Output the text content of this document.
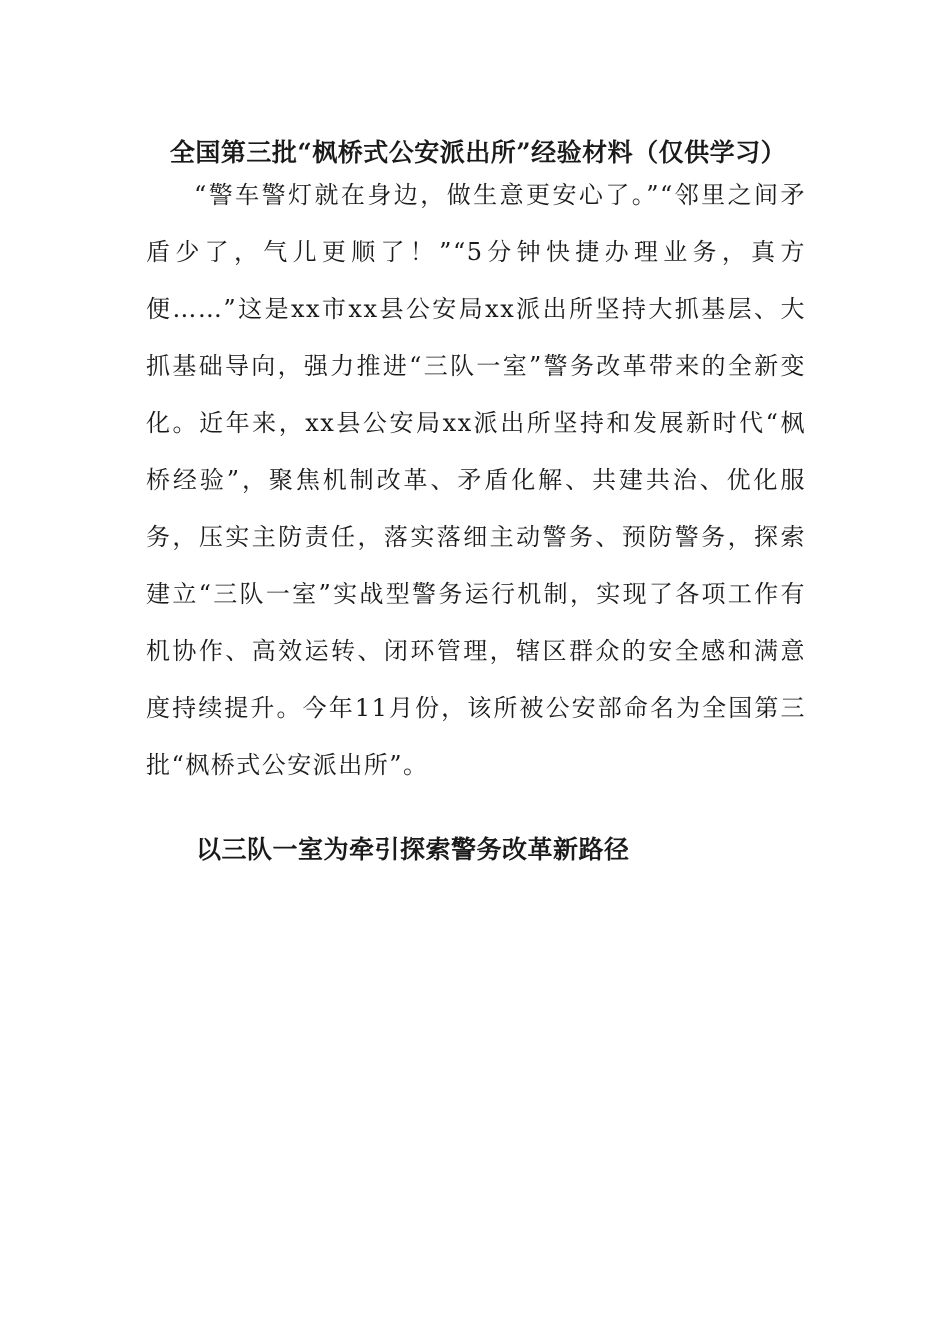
全国第三批“枫桥式公安派出所”经验材料（仅供学习）

“警车警灯就在身边，做生意更安心了。”“邻里之间矛盾少了，气儿更顺了！”“5分钟快捷办理业务，真方便……”这是xx市xx县公安局xx派出所坚持大抓基层、大抓基础导向，强力推进“三队一室”警务改革带来的全新变化。近年来，xx县公安局xx派出所坚持和发展新时代“枫桥经验”，聚焦机制改革、矛盾化解、共建共治、优化服务，压实主防责任，落实落细主动警务、预防警务，探索建立“三队一室”实战型警务运行机制，实现了各项工作有机协作、高效运转、闭环管理，辖区群众的安全感和满意度持续提升。今年11月份，该所被公安部命名为全国第三批“枫桥式公安派出所”。

以三队一室为牵引探索警务改革新路径
